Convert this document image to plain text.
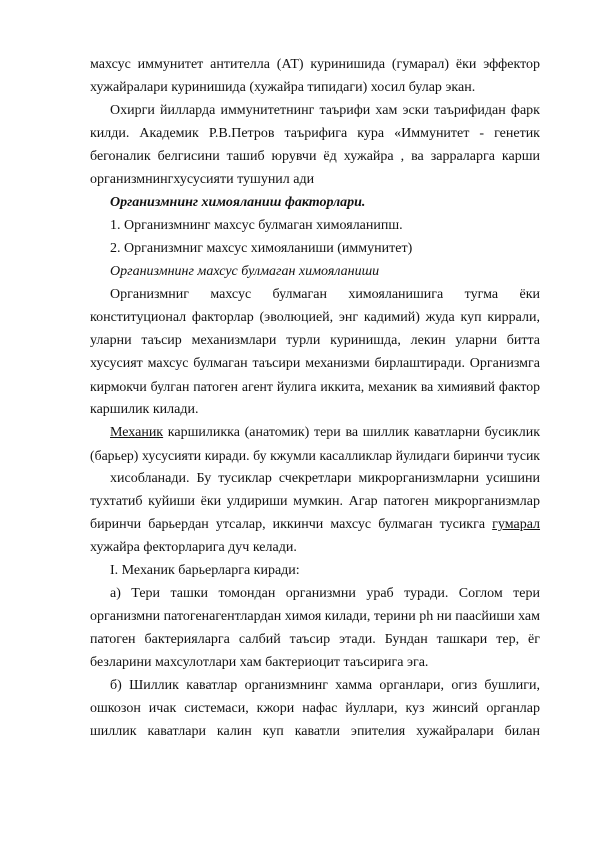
махсус иммунитет антителла (АТ) куринишида (гумарал) ёки эффектор
хужайралари куринишида (хужайра типидаги) хосил булар экан.
Охирги йилларда иммунитетнинг таърифи хам эски таърифидан фарк
килди. Академик Р.В.Петров таърифига кура «Иммунитет - генетик
бегоналик белгисини ташиб юрувчи ёд хужайра , ва зарраларга карши
организмнингхусусияти тушунил ади
Организмнинг химояланиш факторлари.
1. Организмнинг махсус булмаган химояланипш.
2. Организмниг махсус химояланиши (иммунитет)
Организмнинг махсус булмаган химояланиши
Организмниг махсус булмаган химояланишига тугма ёки
конституционал факторлар (эволюцией, энг кадимий) жудa куп киррали,
уларни таъсир механизмлари турли куринишда, лекин уларни битта
хусусият махсус булмаган таъсири механизми бирлаштиради. Организмга
кирмокчи булган патоген агент йулига иккита, механик ва химиявий фактор
каршилик килади.
Механик каршиликка (анатомик) тери ва шиллик каватларни бусиклик
(барьер) хусусияти киради. бу кжумли касалликлар йулидаги биринчи тусик
хисобланади. Бу тусиклар счекретлари микрорганизмларни усишини
тухтатиб куйиши ёки улдириши мумкин. Агар патоген микрорганизмлар
биринчи барьердан утсалар, иккинчи махсус булмаган тусикга гумарал
хужайра фекторларига дуч келади.
I. Механик барьерларга киради:
а) Тери ташки томондан организмни ураб туради. Соглом тери
организмни патогенагентлардан химоя килади, терини ph ни паасйиши хам
патоген бактерияларга салбий таъсир этади. Бундан ташкари тер, ёг
безларини махсулотлари хам бактериоцит таъсирига эга.
б) Шиллик каватлар организмнинг хамма органлари, огиз бушлиги,
ошкозон ичак системаси, кжори нафас йуллари, куз жинсий органлар
шиллик каватлари калин куп каватли эпителия хужайралари билан
